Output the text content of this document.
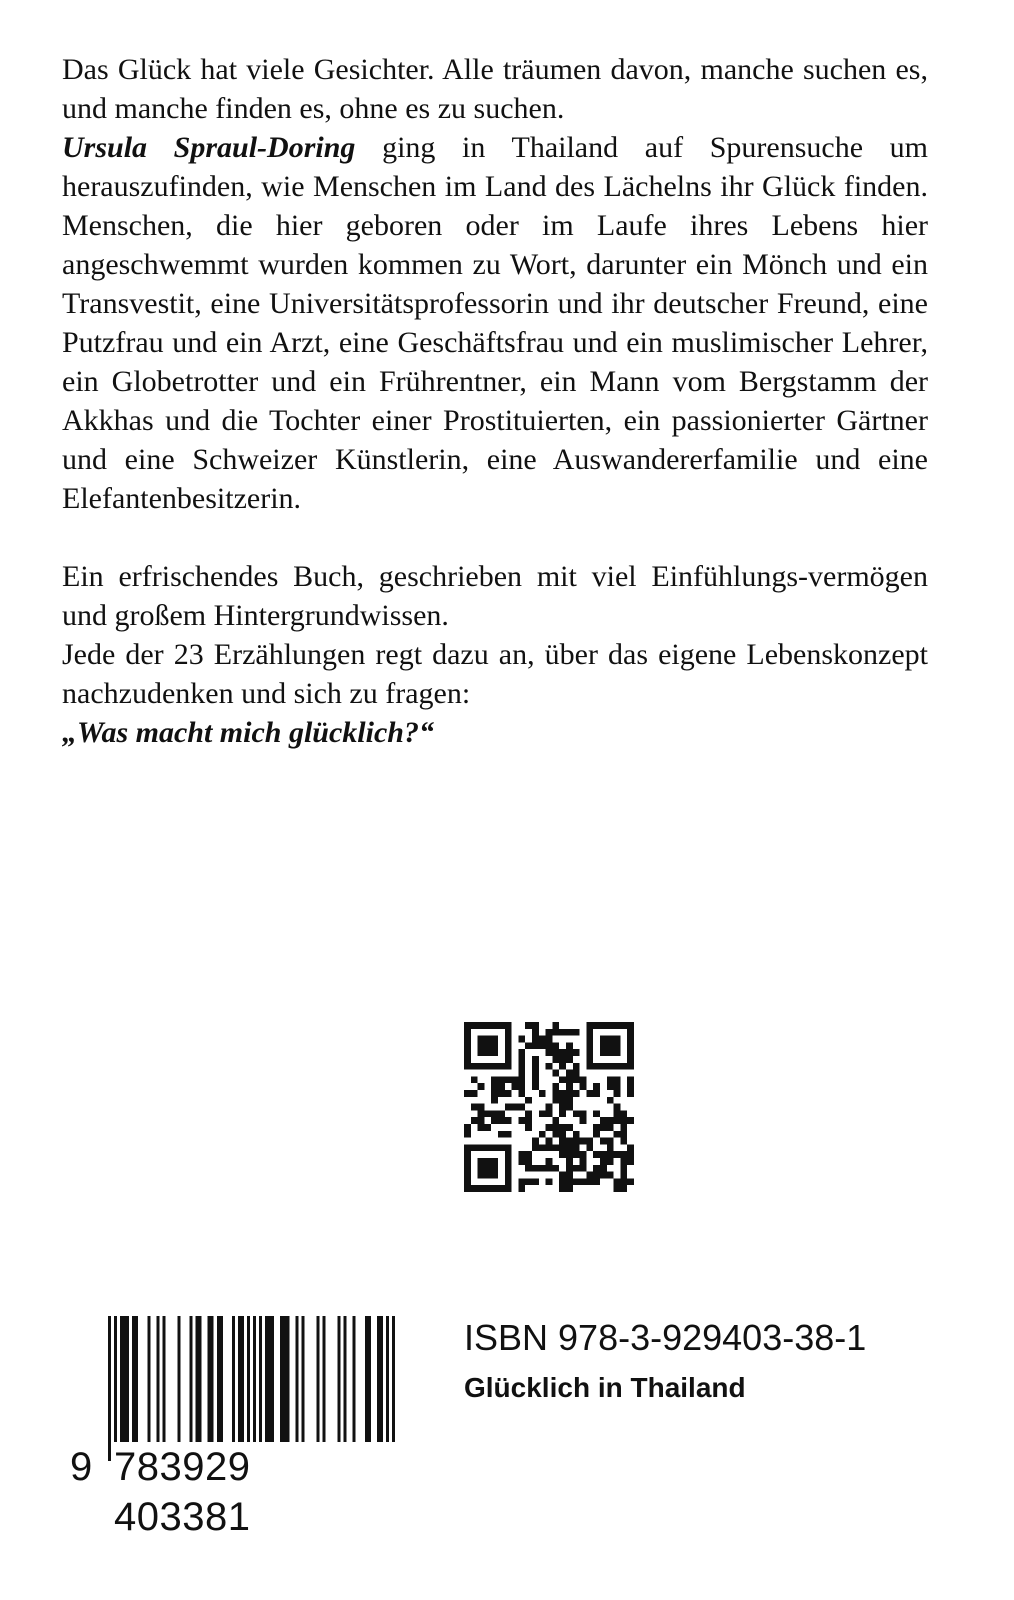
Das Glück hat viele Gesichter. Alle träumen davon, manche suchen es, und manche finden es, ohne es zu suchen.

Ursula Spraul-Doring ging in Thailand auf Spurensuche um herauszufinden, wie Menschen im Land des Lächelns ihr Glück finden. Menschen, die hier geboren oder im Laufe ihres Lebens hier angeschwemmt wurden kommen zu Wort, darunter ein Mönch und ein Transvestit, eine Universitätsprofessorin und ihr deutscher Freund, eine Putzfrau und ein Arzt, eine Geschäftsfrau und ein muslimischer Lehrer, ein Globetrotter und ein Frührentner, ein Mann vom Bergstamm der Akkhas und die Tochter einer Prostituierten, ein passionierter Gärtner und eine Schweizer Künstlerin, eine Auswandererfamilie und eine Elefantenbesitzerin.

Ein erfrischendes Buch, geschrieben mit viel Einfühlungs-vermögen und großem Hintergrundwissen.

Jede der 23 Erzählungen regt dazu an, über das eigene Lebenskonzept nachzudenken und sich zu fragen:

„Was macht mich glücklich?“

9 783929 403381
ISBN 978-3-929403-38-1
Glücklich in Thailand
